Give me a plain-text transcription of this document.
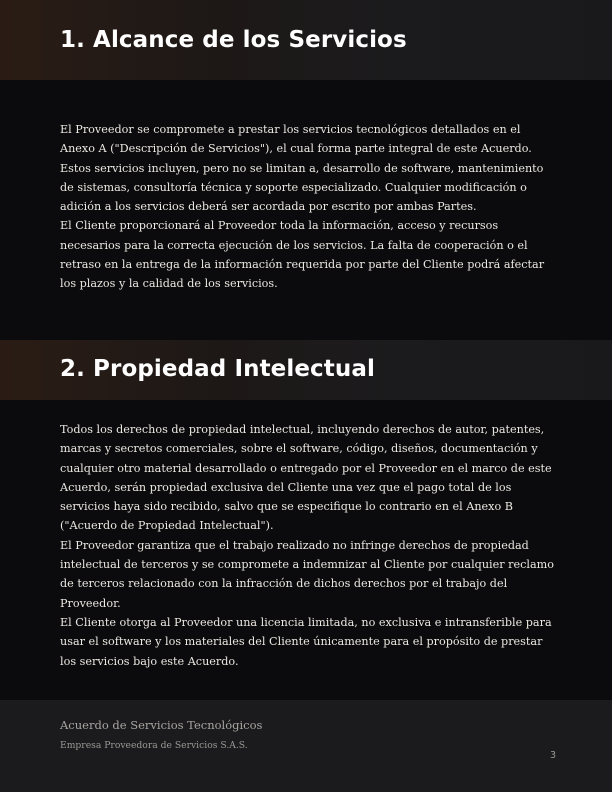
1. Alcance de los Servicios

El Proveedor se compromete a prestar los servicios tecnológicos detallados en el Anexo A ("Descripción de Servicios"), el cual forma parte integral de este Acuerdo. Estos servicios incluyen, pero no se limitan a, desarrollo de software, mantenimiento de sistemas, consultoría técnica y soporte especializado. Cualquier modificación o adición a los servicios deberá ser acordada por escrito por ambas Partes.

El Cliente proporcionará al Proveedor toda la información, acceso y recursos necesarios para la correcta ejecución de los servicios. La falta de cooperación o el retraso en la entrega de la información requerida por parte del Cliente podrá afectar los plazos y la calidad de los servicios.

2. Propiedad Intelectual

Todos los derechos de propiedad intelectual, incluyendo derechos de autor, patentes, marcas y secretos comerciales, sobre el software, código, diseños, documentación y cualquier otro material desarrollado o entregado por el Proveedor en el marco de este Acuerdo, serán propiedad exclusiva del Cliente una vez que el pago total de los servicios haya sido recibido, salvo que se especifique lo contrario en el Anexo B ("Acuerdo de Propiedad Intelectual").

El Proveedor garantiza que el trabajo realizado no infringe derechos de propiedad intelectual de terceros y se compromete a indemnizar al Cliente por cualquier reclamo de terceros relacionado con la infracción de dichos derechos por el trabajo del Proveedor.

El Cliente otorga al Proveedor una licencia limitada, no exclusiva e intransferible para usar el software y los materiales del Cliente únicamente para el propósito de prestar los servicios bajo este Acuerdo.

Acuerdo de Servicios Tecnológicos
Empresa Proveedora de Servicios S.A.S.
3
